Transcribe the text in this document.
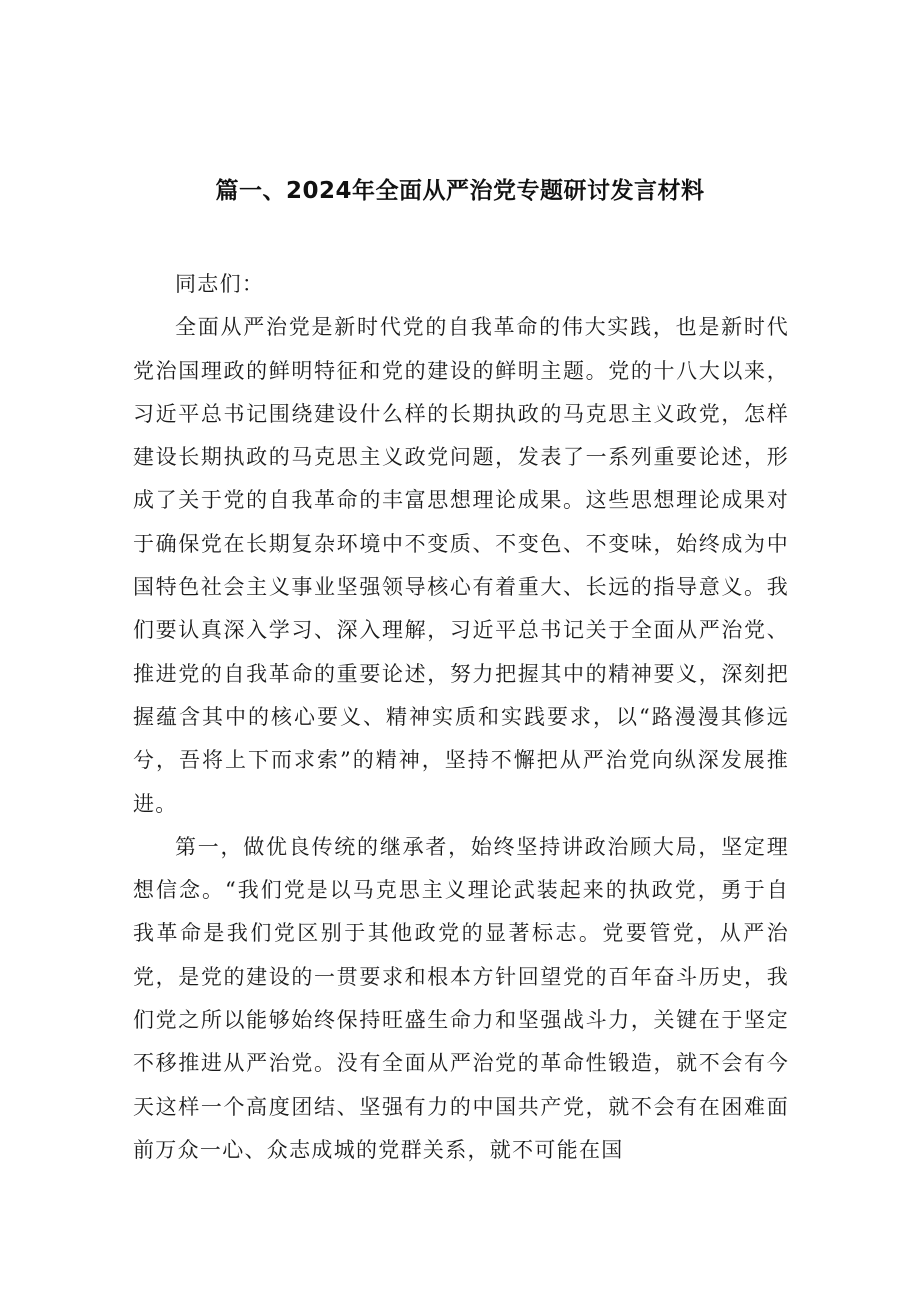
篇一、2024年全面从严治党专题研讨发言材料

同志们：

全面从严治党是新时代党的自我革命的伟大实践，也是新时代党治国理政的鲜明特征和党的建设的鲜明主题。党的十八大以来，习近平总书记围绕建设什么样的长期执政的马克思主义政党，怎样建设长期执政的马克思主义政党问题，发表了一系列重要论述，形成了关于党的自我革命的丰富思想理论成果。这些思想理论成果对于确保党在长期复杂环境中不变质、不变色、不变味，始终成为中国特色社会主义事业坚强领导核心有着重大、长远的指导意义。我们要认真深入学习、深入理解，习近平总书记关于全面从严治党、推进党的自我革命的重要论述，努力把握其中的精神要义，深刻把握蕴含其中的核心要义、精神实质和实践要求，以“路漫漫其修远兮，吾将上下而求索”的精神，坚持不懈把从严治党向纵深发展推进。

第一，做优良传统的继承者，始终坚持讲政治顾大局，坚定理想信念。“我们党是以马克思主义理论武装起来的执政党，勇于自我革命是我们党区别于其他政党的显著标志。党要管党，从严治党，是党的建设的一贯要求和根本方针回望党的百年奋斗历史，我们党之所以能够始终保持旺盛生命力和坚强战斗力，关键在于坚定不移推进从严治党。没有全面从严治党的革命性锻造，就不会有今天这样一个高度团结、坚强有力的中国共产党，就不会有在困难面前万众一心、众志成城的党群关系，就不可能在国
